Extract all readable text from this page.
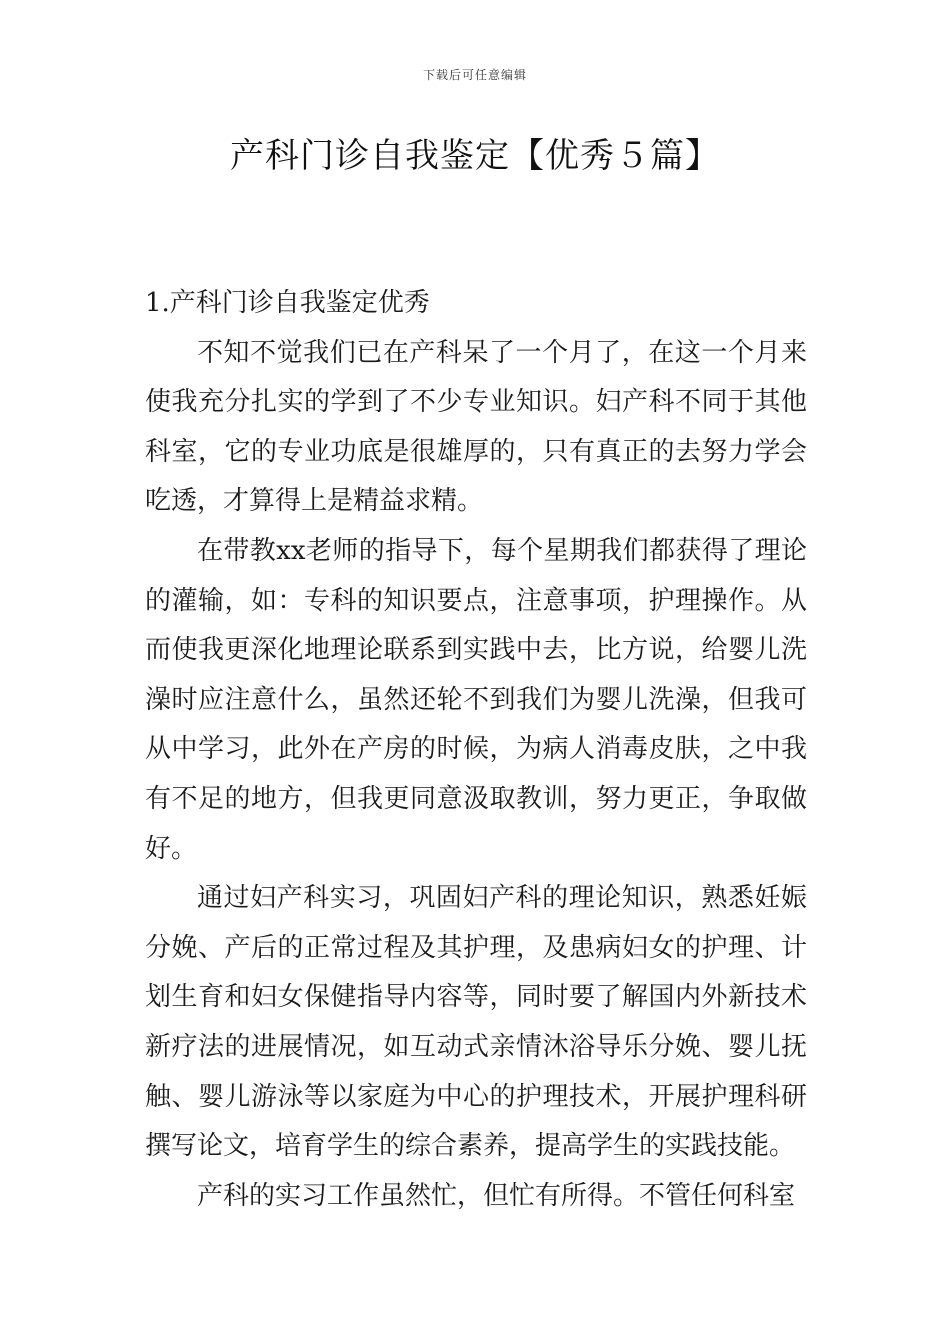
下载后可任意编辑
产科门诊自我鉴定【优秀５篇】

1.产科门诊自我鉴定优秀

不知不觉我们已在产科呆了一个月了，在这一个月来使我充分扎实的学到了不少专业知识。妇产科不同于其他科室，它的专业功底是很雄厚的，只有真正的去努力学会吃透，才算得上是精益求精。

在带教xx老师的指导下，每个星期我们都获得了理论的灌输，如：专科的知识要点，注意事项，护理操作。从而使我更深化地理论联系到实践中去，比方说，给婴儿洗澡时应注意什么，虽然还轮不到我们为婴儿洗澡，但我可从中学习，此外在产房的时候，为病人消毒皮肤，之中我有不足的地方，但我更同意汲取教训，努力更正，争取做好。

通过妇产科实习，巩固妇产科的理论知识，熟悉妊娠分娩、产后的正常过程及其护理，及患病妇女的护理、计划生育和妇女保健指导内容等，同时要了解国内外新技术新疗法的进展情况，如互动式亲情沐浴导乐分娩、婴儿抚触、婴儿游泳等以家庭为中心的护理技术，开展护理科研撰写论文，培育学生的综合素养，提高学生的实践技能。

产科的实习工作虽然忙，但忙有所得。不管任何科室
